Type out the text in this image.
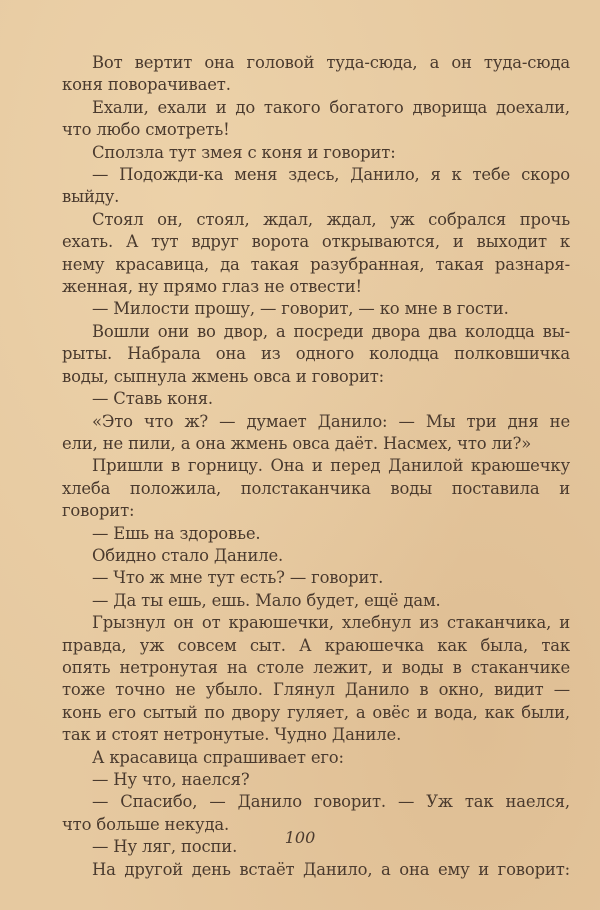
Вот вертит она головой туда-сюда, а он туда-сюда
коня поворачивает.
Ехали, ехали и до такого богатого дворища доехали,
что любо смотреть!
Сползла тут змея с коня и говорит:
— Подожди-ка меня здесь, Данило, я к тебе скоро
выйду.
Стоял он, стоял, ждал, ждал, уж собрался прочь
ехать. А тут вдруг ворота открываются, и выходит к
нему красавица, да такая разубранная, такая разнаря-
женная, ну прямо глаз не отвести!
— Милости прошу, — говорит, — ко мне в гости.
Вошли они во двор, а посреди двора два колодца вы-
рыты. Набрала она из одного колодца полковшичка
воды, сыпнула жмень овса и говорит:
— Ставь коня.
«Это что ж? — думает Данило: — Мы три дня не
ели, не пили, а она жмень овса даёт. Насмех, что ли?»
Пришли в горницу. Она и перед Данилой краюшечку
хлеба положила, полстаканчика воды поставила и
говорит:
— Ешь на здоровье.
Обидно стало Даниле.
— Что ж мне тут есть? — говорит.
— Да ты ешь, ешь. Мало будет, ещё дам.
Грызнул он от краюшечки, хлебнул из стаканчика, и
правда, уж совсем сыт. А краюшечка как была, так
опять нетронутая на столе лежит, и воды в стаканчике
тоже точно не убыло. Глянул Данило в окно, видит —
конь его сытый по двору гуляет, а овёс и вода, как были,
так и стоят нетронутые. Чудно Даниле.
А красавица спрашивает его:
— Ну что, наелся?
— Спасибо, — Данило говорит. — Уж так наелся,
что больше некуда.
— Ну ляг, поспи.
На другой день встаёт Данило, а она ему и говорит:
100
